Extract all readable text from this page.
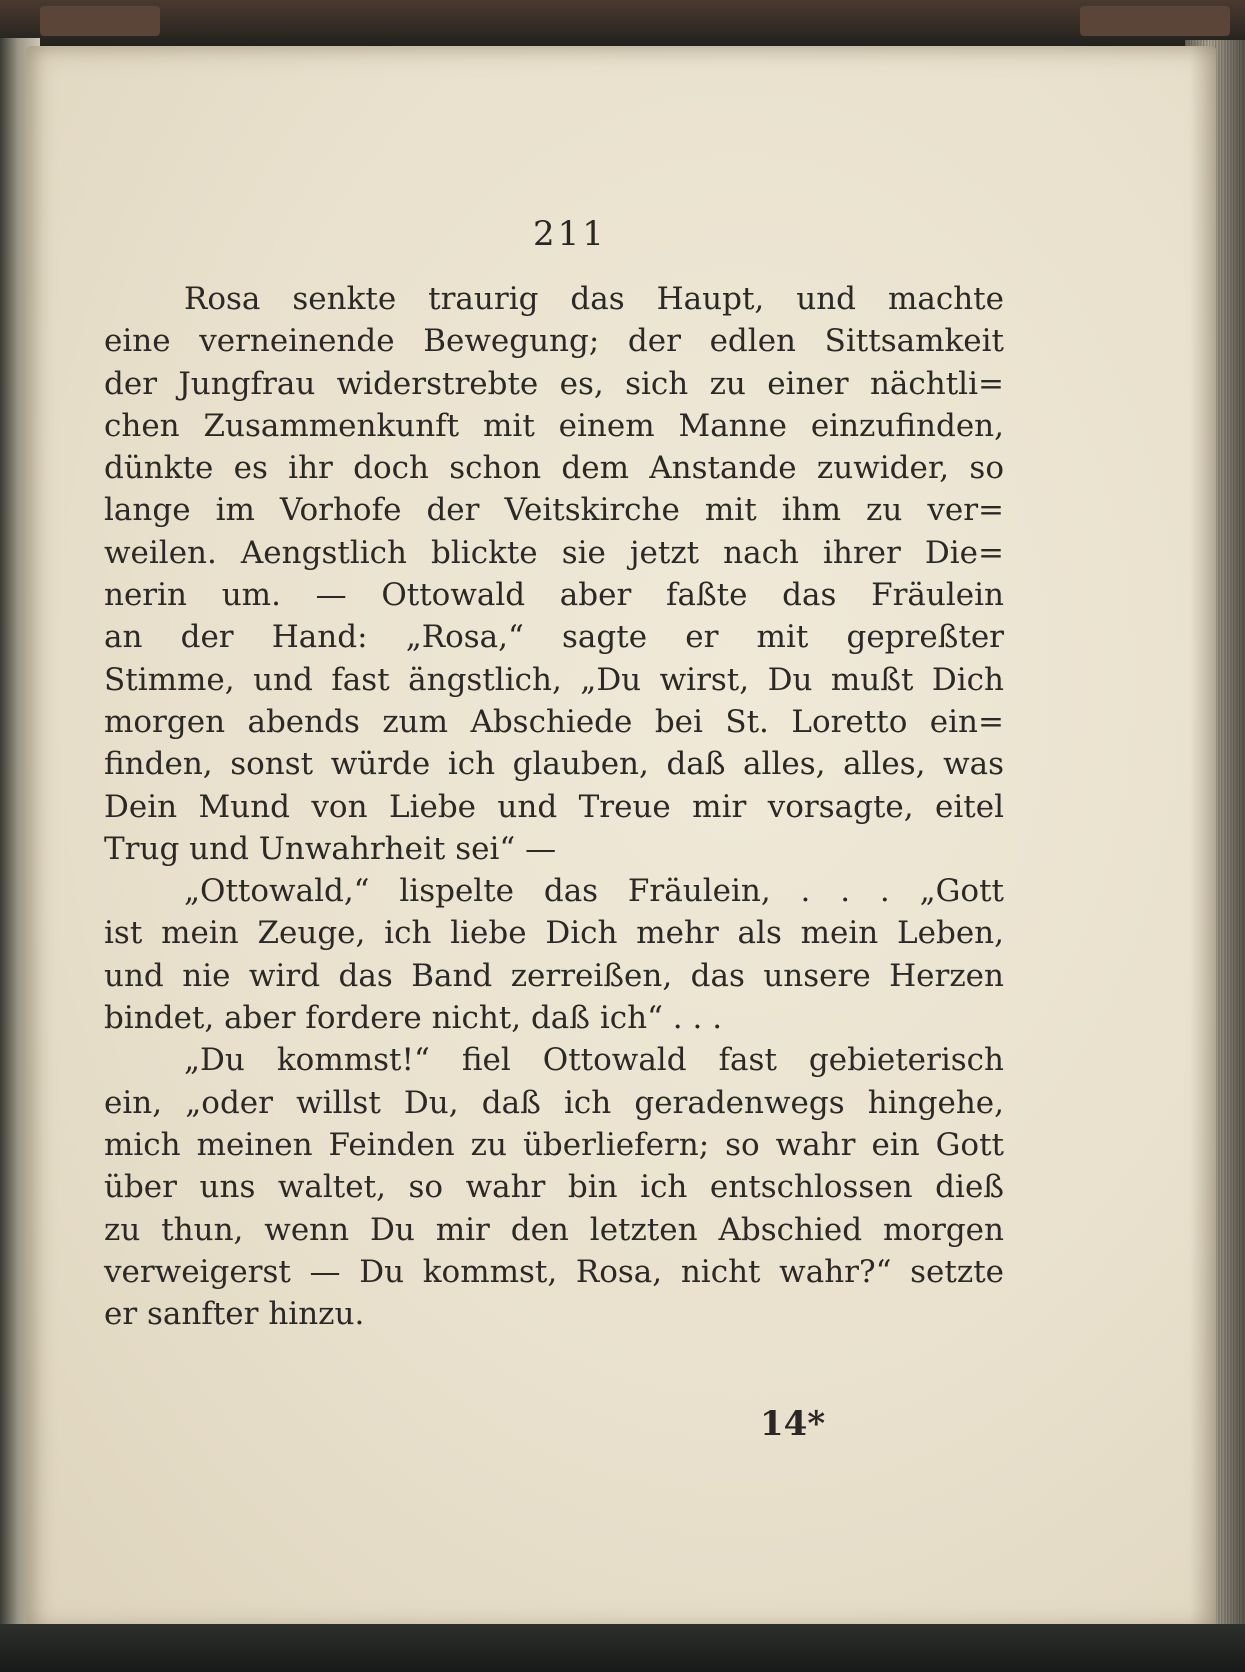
211

Rosa senkte traurig das Haupt, und machte
eine verneinende Bewegung; der edlen Sittsamkeit
der Jungfrau widerstrebte es, sich zu einer nächtli=
chen Zusammenkunft mit einem Manne einzufinden,
dünkte es ihr doch schon dem Anstande zuwider, so
lange im Vorhofe der Veitskirche mit ihm zu ver=
weilen. Aengstlich blickte sie jetzt nach ihrer Die=
nerin um. — Ottowald aber faßte das Fräulein
an der Hand: „Rosa,“ sagte er mit gepreßter
Stimme, und fast ängstlich, „Du wirst, Du mußt Dich
morgen abends zum Abschiede bei St. Loretto ein=
finden, sonst würde ich glauben, daß alles, alles, was
Dein Mund von Liebe und Treue mir vorsagte, eitel
Trug und Unwahrheit sei“ —
„Ottowald,“ lispelte das Fräulein, . . . „Gott
ist mein Zeuge, ich liebe Dich mehr als mein Leben,
und nie wird das Band zerreißen, das unsere Herzen
bindet, aber fordere nicht, daß ich“ . . .
„Du kommst!“ fiel Ottowald fast gebieterisch
ein, „oder willst Du, daß ich geradenwegs hingehe,
mich meinen Feinden zu überliefern; so wahr ein Gott
über uns waltet, so wahr bin ich entschlossen dieß
zu thun, wenn Du mir den letzten Abschied morgen
verweigerst — Du kommst, Rosa, nicht wahr?“ setzte
er sanfter hinzu.

14*
